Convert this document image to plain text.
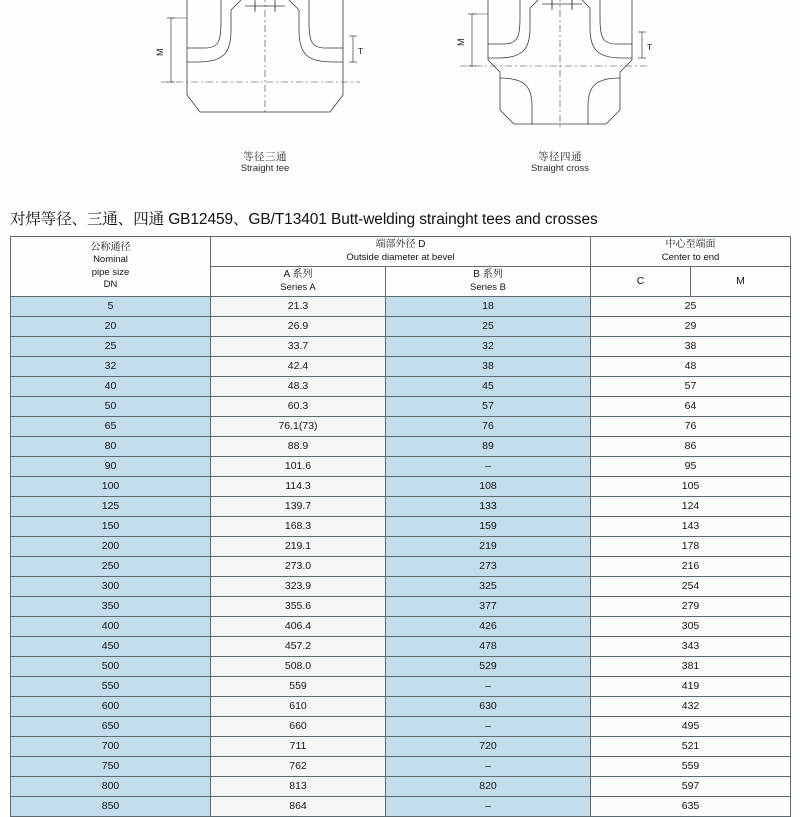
M	T
等径三通
Straight tee
M	T
等径四通
Straight cross
对焊等径、三通、四通 GB12459、GB/T13401 Butt-welding strainght tees and crosses
公称通径
Nominal
pipe size
DN	端部外径 D
Outside diameter at bevel		中心至端面
Center to end	

	A 系列
Series A	B 系列
Series B	C	M
5	21.3	18	25	
20	26.9	25	29	
25	33.7	32	38	
32	42.4	38	48	
40	48.3	45	57	
50	60.3	57	64	
65	76.1(73)	76	76	
80	88.9	89	86	
90	101.6	–	95	
100	114.3	108	105	
125	139.7	133	124	
150	168.3	159	143	
200	219.1	219	178	
250	273.0	273	216	
300	323.9	325	254	
350	355.6	377	279	
400	406.4	426	305	
450	457.2	478	343	
500	508.0	529	381	
550	559	–	419	
600	610	630	432	
650	660	–	495	
700	711	720	521	
750	762	–	559	
800	813	820	597	
850	864	–	635	
